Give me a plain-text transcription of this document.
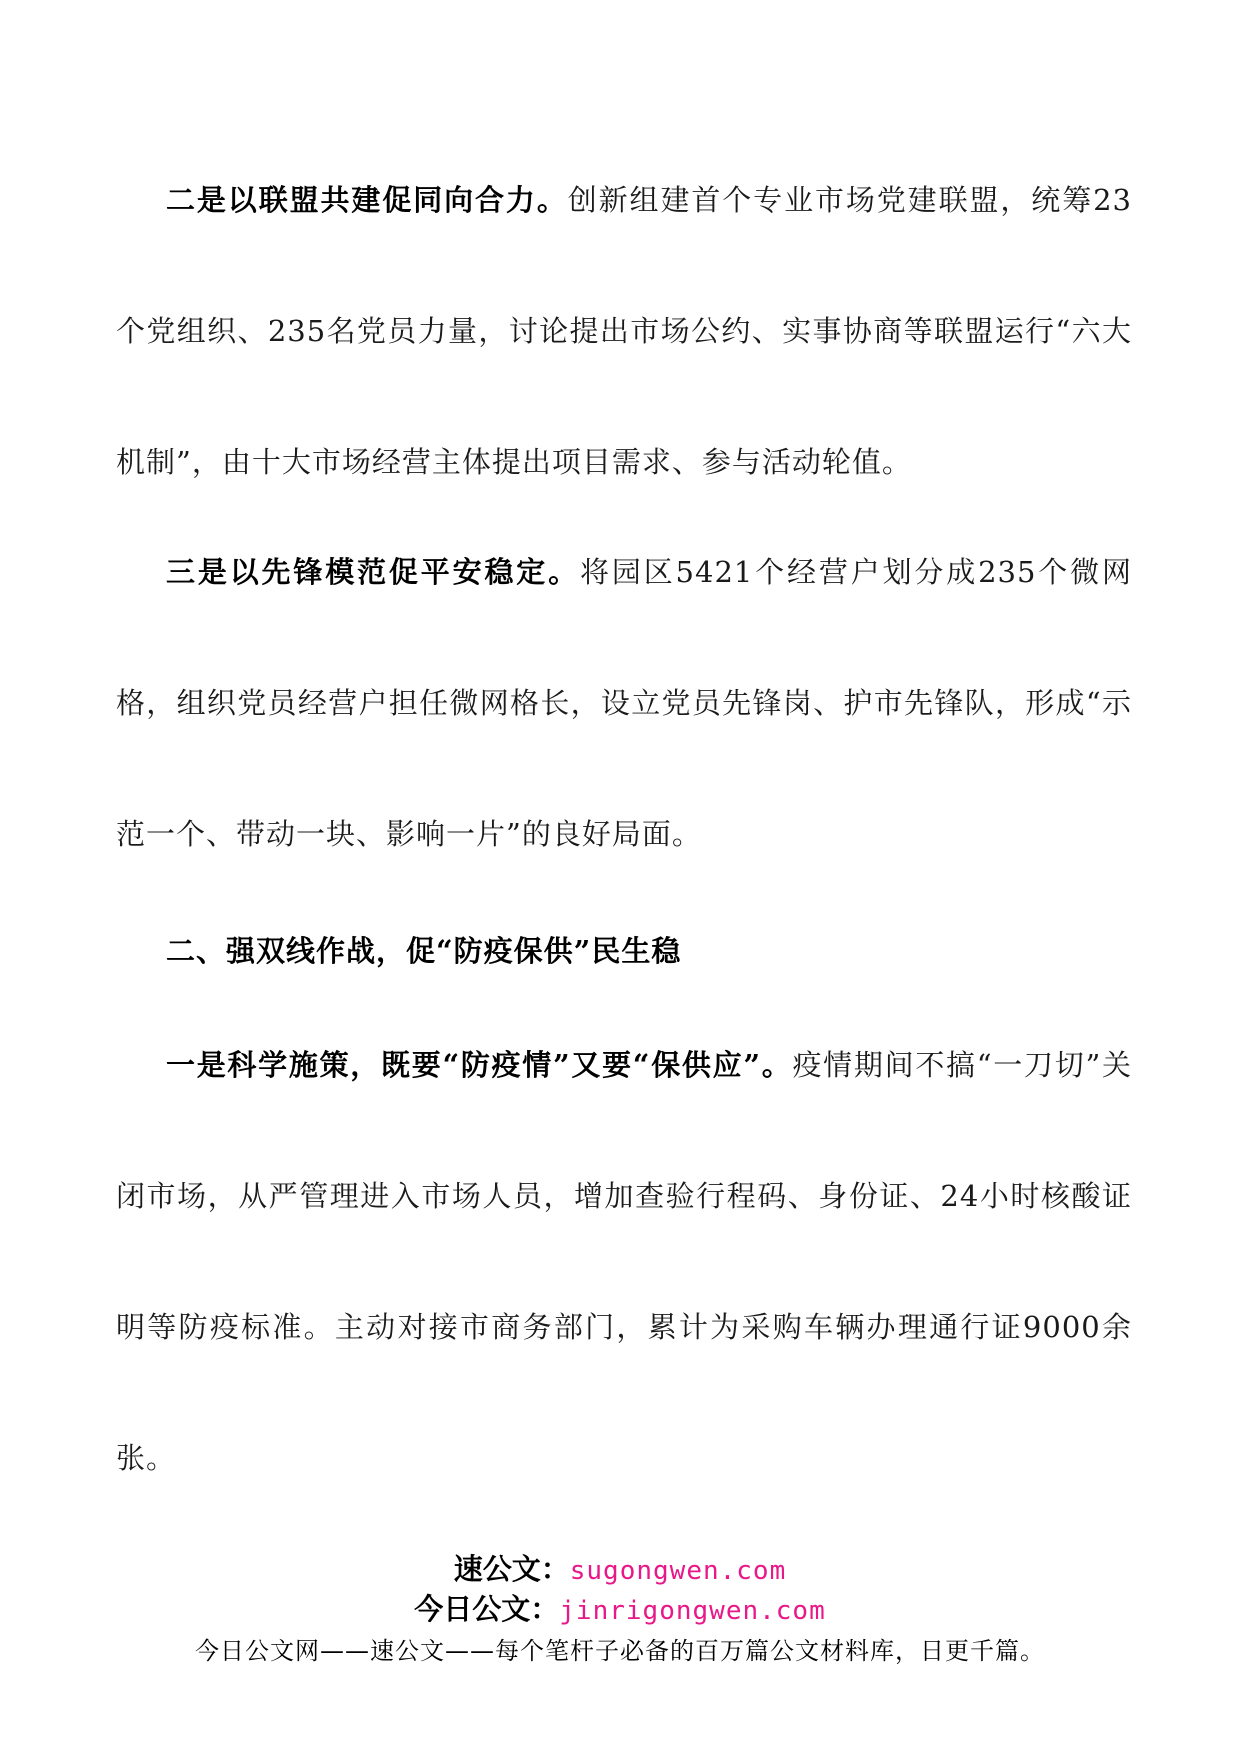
二是以联盟共建促同向合力。创新组建首个专业市场党建联盟，统筹23个党组织、235名党员力量，讨论提出市场公约、实事协商等联盟运行“六大机制”，由十大市场经营主体提出项目需求、参与活动轮值。

三是以先锋模范促平安稳定。将园区5421个经营户划分成235个微网格，组织党员经营户担任微网格长，设立党员先锋岗、护市先锋队，形成“示范一个、带动一块、影响一片”的良好局面。

二、强双线作战，促“防疫保供”民生稳

一是科学施策，既要“防疫情”又要“保供应”。疫情期间不搞“一刀切”关闭市场，从严管理进入市场人员，增加查验行程码、身份证、24小时核酸证明等防疫标准。主动对接市商务部门，累计为采购车辆办理通行证9000余张。

速公文：sugongwen.com
今日公文：jinrigongwen.com
今日公文网——速公文——每个笔杆子必备的百万篇公文材料库，日更千篇。
